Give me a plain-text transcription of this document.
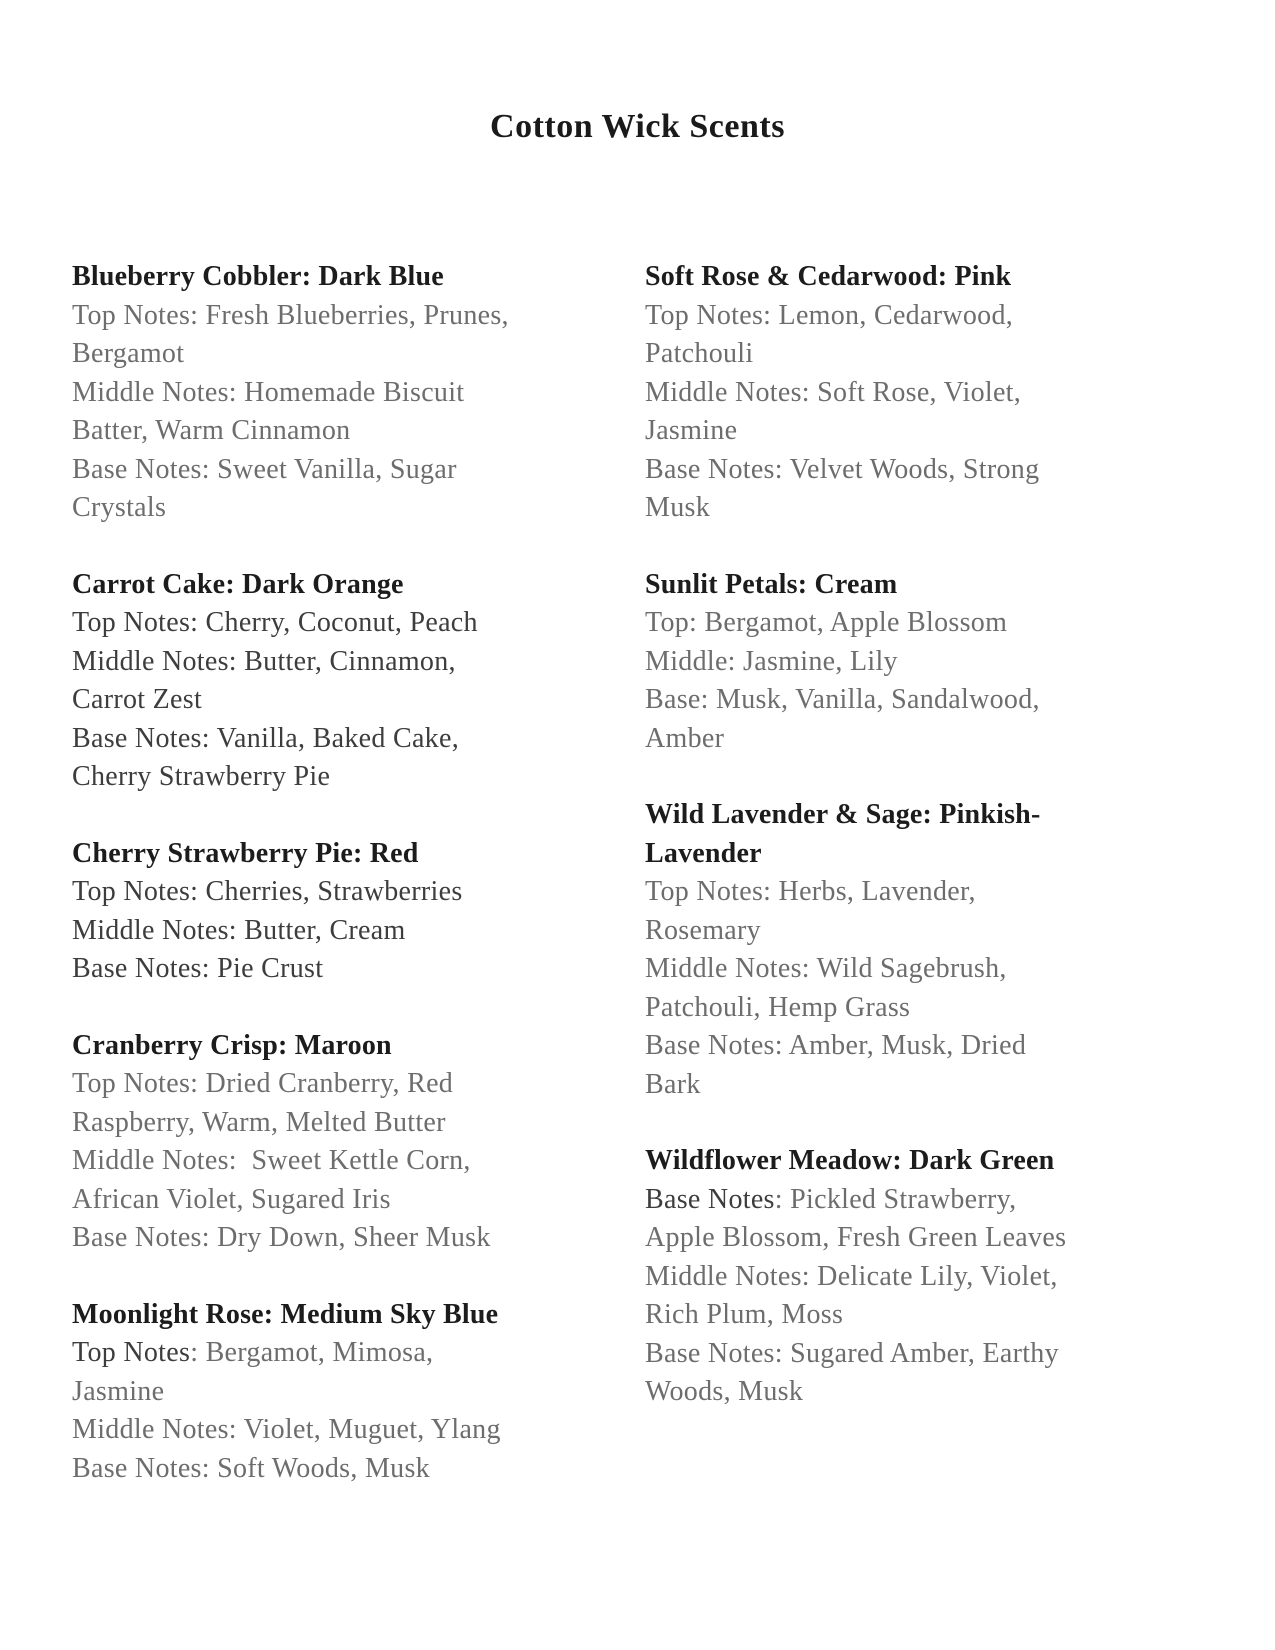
Cotton Wick Scents
Blueberry Cobbler: Dark Blue
Top Notes: Fresh Blueberries, Prunes,
Bergamot
Middle Notes: Homemade Biscuit
Batter, Warm Cinnamon
Base Notes: Sweet Vanilla, Sugar
Crystals
Carrot Cake: Dark Orange
Top Notes: Cherry, Coconut, Peach
Middle Notes: Butter, Cinnamon,
Carrot Zest
Base Notes: Vanilla, Baked Cake,
Cherry Strawberry Pie
Cherry Strawberry Pie: Red
Top Notes: Cherries, Strawberries
Middle Notes: Butter, Cream
Base Notes: Pie Crust
Cranberry Crisp: Maroon
Top Notes: Dried Cranberry, Red
Raspberry, Warm, Melted Butter
Middle Notes:  Sweet Kettle Corn,
African Violet, Sugared Iris
Base Notes: Dry Down, Sheer Musk
Moonlight Rose: Medium Sky Blue
Top Notes: Bergamot, Mimosa,
Jasmine
Middle Notes: Violet, Muguet, Ylang
Base Notes: Soft Woods, Musk
Soft Rose & Cedarwood: Pink
Top Notes: Lemon, Cedarwood,
Patchouli
Middle Notes: Soft Rose, Violet,
Jasmine
Base Notes: Velvet Woods, Strong
Musk
Sunlit Petals: Cream
Top: Bergamot, Apple Blossom
Middle: Jasmine, Lily
Base: Musk, Vanilla, Sandalwood,
Amber
Wild Lavender & Sage: Pinkish-
Lavender
Top Notes: Herbs, Lavender,
Rosemary
Middle Notes: Wild Sagebrush,
Patchouli, Hemp Grass
Base Notes: Amber, Musk, Dried
Bark
Wildflower Meadow: Dark Green
Base Notes: Pickled Strawberry,
Apple Blossom, Fresh Green Leaves
Middle Notes: Delicate Lily, Violet,
Rich Plum, Moss
Base Notes: Sugared Amber, Earthy
Woods, Musk
